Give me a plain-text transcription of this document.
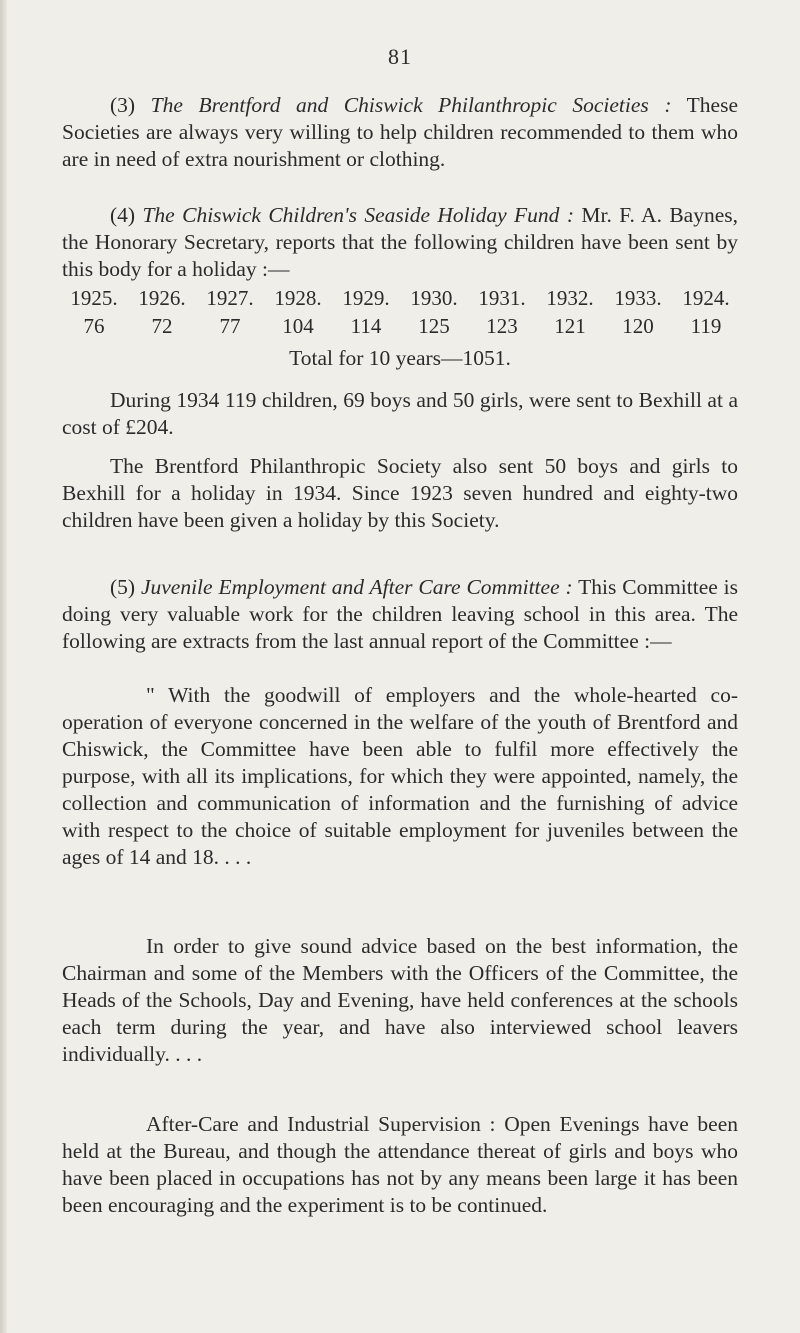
81
(3) The Brentford and Chiswick Philanthropic Societies : These Societies are always very willing to help children recommended to them who are in need of extra nourishment or clothing.
(4) The Chiswick Children's Seaside Holiday Fund : Mr. F. A. Baynes, the Honorary Secretary, reports that the following children have been sent by this body for a holiday :—
1925. 1926. 1927. 1928. 1929. 1930. 1931. 1932. 1933. 1924.
76	72	77	104	114	125	123	121	120	119
Total for 10 years—1051.
During 1934 119 children, 69 boys and 50 girls, were sent to Bexhill at a cost of £204.
The Brentford Philanthropic Society also sent 50 boys and girls to Bexhill for a holiday in 1934. Since 1923 seven hundred and eighty-two children have been given a holiday by this Society.
(5) Juvenile Employment and After Care Committee : This Committee is doing very valuable work for the children leaving school in this area. The following are extracts from the last annual report of the Committee :—
" With the goodwill of employers and the whole-hearted co-operation of everyone concerned in the welfare of the youth of Brentford and Chiswick, the Committee have been able to fulfil more effectively the purpose, with all its implications, for which they were appointed, namely, the collection and communication of information and the furnishing of advice with respect to the choice of suitable employment for juveniles between the ages of 14 and 18. . . .
In order to give sound advice based on the best information, the Chairman and some of the Members with the Officers of the Committee, the Heads of the Schools, Day and Evening, have held conferences at the schools each term during the year, and have also interviewed school leavers individually. . . .
After-Care and Industrial Supervision : Open Evenings have been held at the Bureau, and though the attendance thereat of girls and boys who have been placed in occupations has not by any means been large it has been been encouraging and the experiment is to be continued.
